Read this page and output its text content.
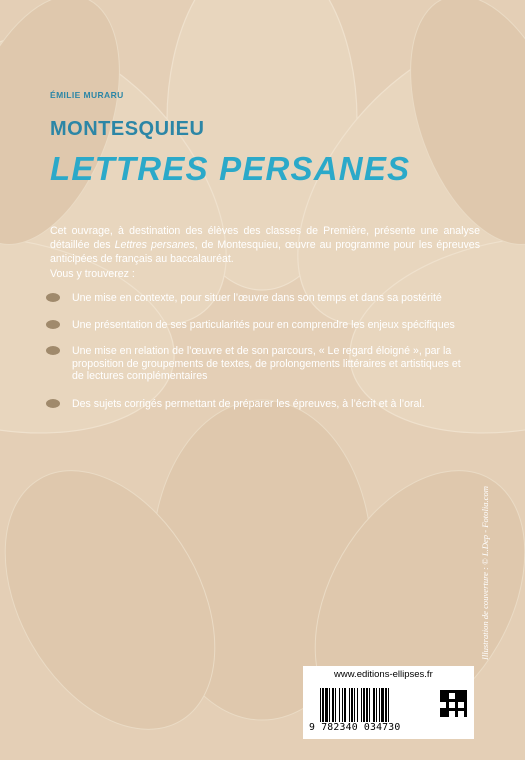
ÉMILIE MURARU

MONTESQUIEU
LETTRES PERSANES

Cet ouvrage, à destination des élèves des classes de Première, présente une analyse détaillée des Lettres persanes, de Montesquieu, œuvre au programme pour les épreuves anticipées de français au baccalauréat.

Vous y trouverez :

Une mise en contexte, pour situer l’œuvre dans son temps et dans sa postérité
Une présentation de ses particularités pour en comprendre les enjeux spécifiques
Une mise en relation de l’œuvre et de son parcours, « Le regard éloigné », par la proposition de groupements de textes, de prolongements littéraires et artistiques et de lectures complémentaires
Des sujets corrigés permettant de préparer les épreuves, à l’écrit et à l’oral.
Illustration de couverture : © L.Dep - Fotolia.com
www.editions-ellipses.fr
9 782340 034730
